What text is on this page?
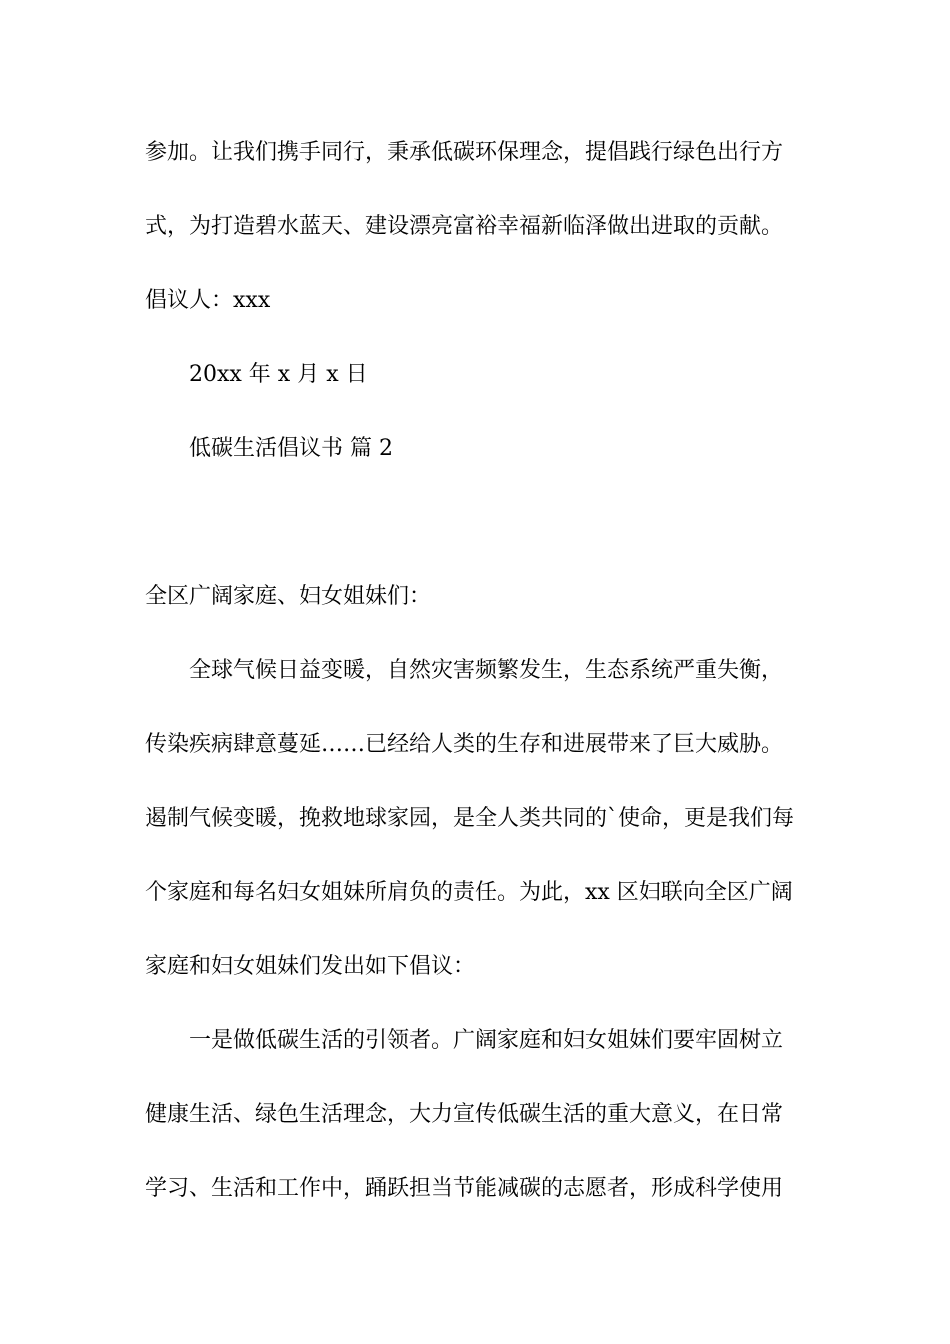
参加。让我们携手同行，秉承低碳环保理念，提倡践行绿色出行方
式，为打造碧水蓝天、建设漂亮富裕幸福新临泽做出进取的贡献。
倡议人：xxx
20xx 年 x 月 x 日
低碳生活倡议书 篇 2
全区广阔家庭、妇女姐妹们：
全球气候日益变暖，自然灾害频繁发生，生态系统严重失衡，
传染疾病肆意蔓延……已经给人类的生存和进展带来了巨大威胁。
遏制气候变暖，挽救地球家园，是全人类共同的`使命，更是我们每
个家庭和每名妇女姐妹所肩负的责任。为此，xx 区妇联向全区广阔
家庭和妇女姐妹们发出如下倡议：
一是做低碳生活的引领者。广阔家庭和妇女姐妹们要牢固树立
健康生活、绿色生活理念，大力宣传低碳生活的重大意义，在日常
学习、生活和工作中，踊跃担当节能减碳的志愿者，形成科学使用
